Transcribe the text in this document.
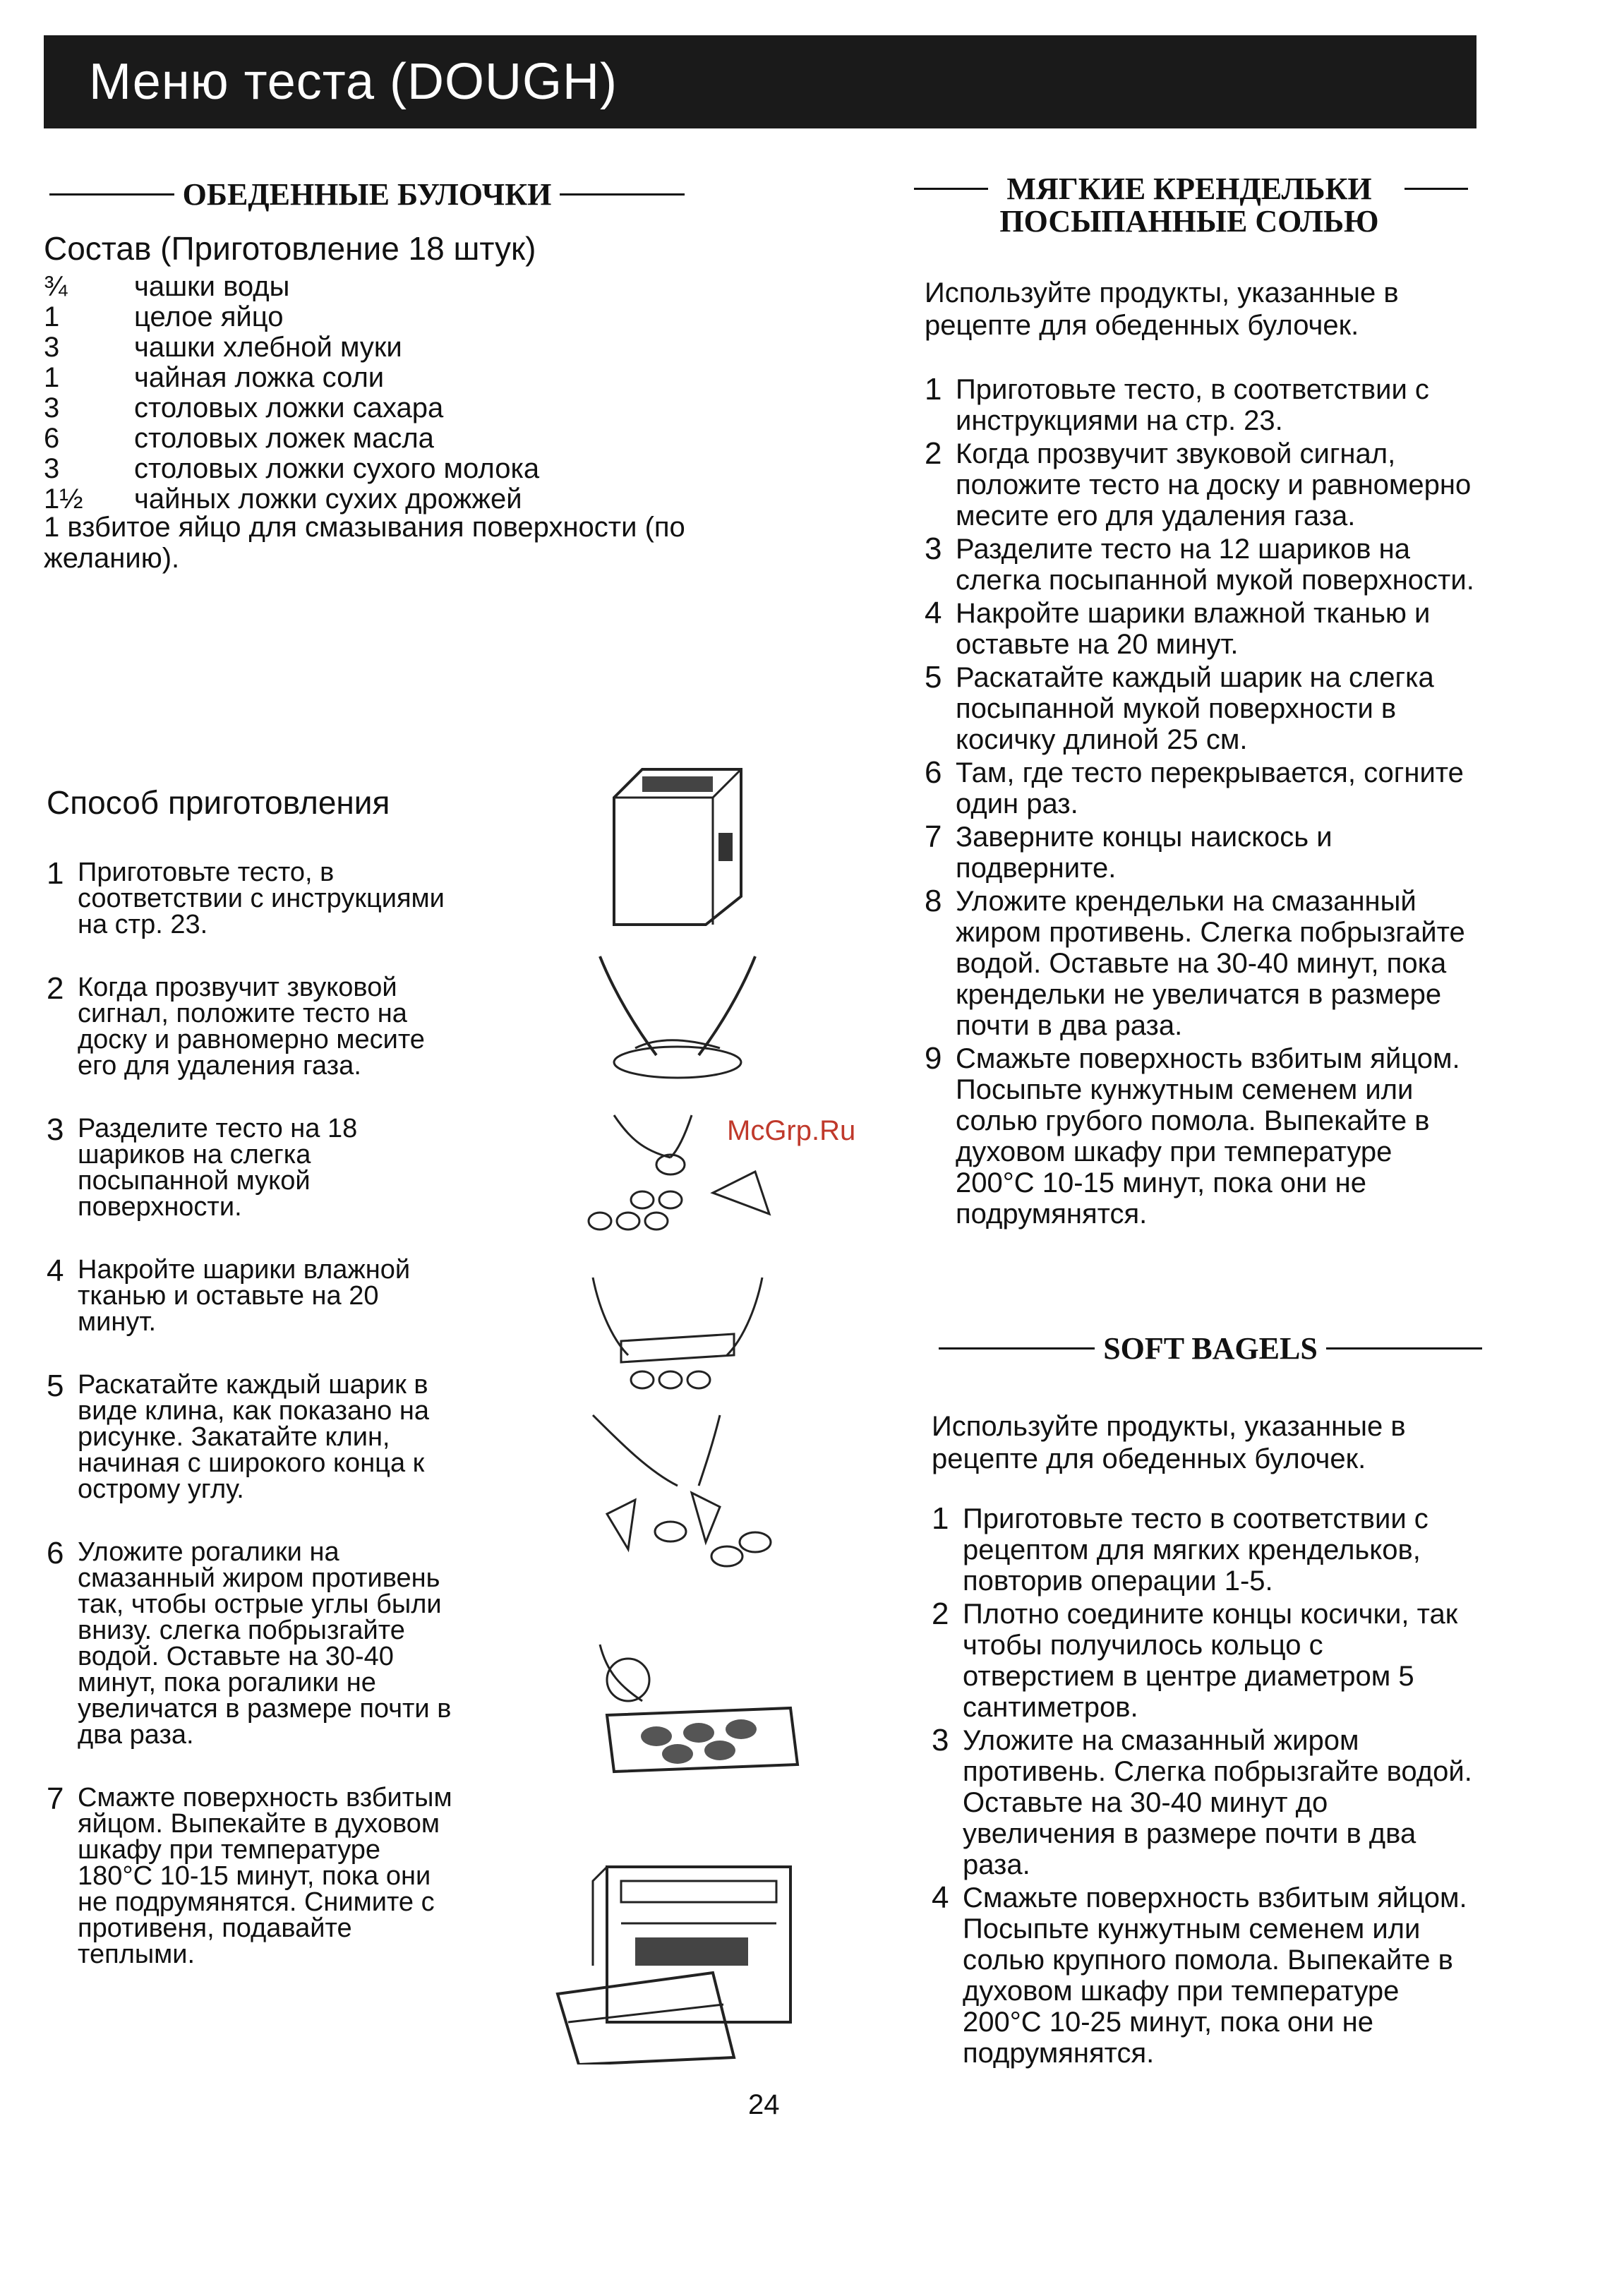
Меню теста (DOUGH)
ОБЕДЕННЫЕ БУЛОЧКИ
Состав (Приготовление 18 штук)
¾	чашки воды
1	целое яйцо
3	чашки хлебной муки
1	чайная ложка соли
3	столовых ложки сахара
6	столовых ложек масла
3	столовых ложки сухого молока
1½	чайных ложки сухих дрожжей
1 взбитое яйцо для смазывания поверхности (по желанию).
Способ приготовления
1 Приготовьте тесто, в соответствии с инструкциями на стр. 23.
2 Когда прозвучит звуковой сигнал, положите тесто на доску и равномерно месите его для удаления газа.
3 Разделите тесто на 18 шариков на слегка посыпанной мукой поверхности.
4 Накройте шарики влажной тканью и оставьте на 20 минут.
5 Раскатайте каждый шарик в виде клина, как показано на рисунке. Закатайте клин, начиная с широкого конца к острому углу.
6 Уложите рогалики на смазанный жиром противень так, чтобы острые углы были внизу. слегка побрызгайте водой. Оставьте на 30-40 минут, пока рогалики не увеличатся в размере почти в два раза.
7 Смажте поверхность взбитым яйцом. Выпекайте в духовом шкафу при температуре 180°С 10-15 минут, пока они не подрумянятся. Снимите с противеня, подавайте теплыми.
МЯГКИЕ КРЕНДЕЛЬКИ
ПОСЫПАННЫЕ СОЛЬЮ
Используйте продукты, указанные в рецепте для обеденных булочек.
1 Приготовьте тесто, в соответствии с инструкциями на стр. 23.
2 Когда прозвучит звуковой сигнал, положите тесто на доску и равномерно месите его для удаления газа.
3 Разделите тесто на 12 шариков на слегка посыпанной мукой поверхности.
4 Накройте шарики влажной тканью и оставьте на 20 минут.
5 Раскатайте каждый шарик на слегка посыпанной мукой поверхности в косичку длиной 25 см.
6 Там, где тесто перекрывается, согните один раз.
7 Заверните концы наискось и подверните.
8 Уложите крендельки на смазанный жиром противень. Слегка побрызгайте водой. Оставьте на 30-40 минут, пока крендельки не увеличатся в размере почти в два раза.
9 Смажьте поверхность взбитым яйцом. Посыпьте кунжутным семенем или солью грубого помола. Выпекайте в духовом шкафу при температуре 200°С 10-15 минут, пока они не подрумянятся.
SOFT BAGELS
Используйте продукты, указанные в рецепте для обеденных булочек.
1 Приготовьте тесто в соответствии с рецептом для мягких крендельков, повторив операции 1-5.
2 Плотно соедините концы косички, так чтобы получилось кольцо с отверстием в центре диаметром 5 сантиметров.
3 Уложите на смазанный жиром противень. Слегка побрызгайте водой. Оставьте на 30-40 минут до увеличения в размере почти в два раза.
4 Смажьте поверхность взбитым яйцом. Посыпьте кунжутным семенем или солью крупного помола. Выпекайте в духовом шкафу при температуре 200°С 10-25 минут, пока они не подрумянятся.
McGrp.Ru
24
